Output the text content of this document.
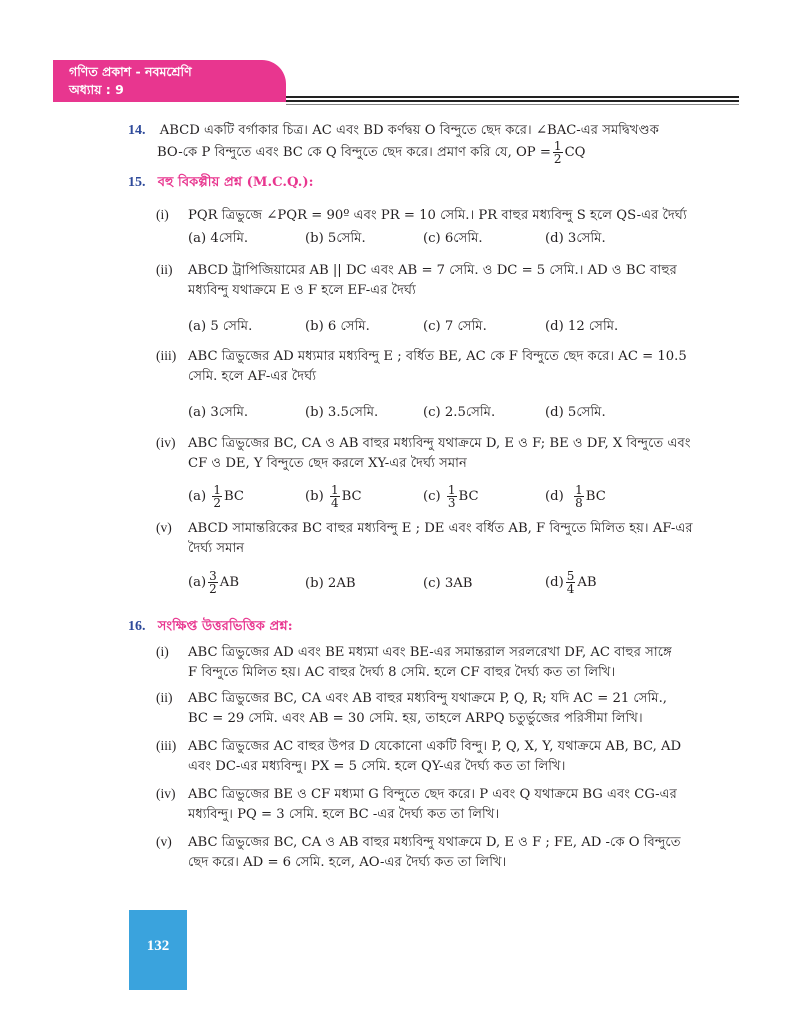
গণিত প্রকাশ - নবমশ্রেণি
অধ্যায় : 9
14. ABCD একটি বর্গাকার চিত্র। AC এবং BD কর্ণদ্বয় O বিন্দুতে ছেদ করে। ∠BAC-এর সমদ্বিখণ্ডক
BO-কে P বিন্দুতে এবং BC কে Q বিন্দুতে ছেদ করে। প্রমাণ করি যে, OP = $\frac{1}{2}$ CQ
15. বহু বিকল্পীয় প্রশ্ন (M.C.Q.):
(i) PQR ত্রিভুজে ∠PQR = 90º এবং PR = 10 সেমি.। PR বাহুর মধ্যবিন্দু S হলে QS-এর দৈর্ঘ্য
(a) 4সেমি.	(b) 5সেমি.	(c) 6সেমি.	(d) 3সেমি.
(ii) ABCD ট্রাপিজিয়ামের AB || DC এবং AB = 7 সেমি. ও DC = 5 সেমি.। AD ও BC বাহুর
মধ্যবিন্দু যথাক্রমে E ও F হলে EF-এর দৈর্ঘ্য
(a) 5 সেমি.	(b) 6 সেমি.	(c) 7 সেমি.	(d) 12 সেমি.
(iii) ABC ত্রিভুজের AD মধ্যমার মধ্যবিন্দু E ; বর্ধিত BE, AC কে F বিন্দুতে ছেদ করে। AC = 10.5
সেমি. হলে AF-এর দৈর্ঘ্য
(a) 3সেমি.	(b) 3.5সেমি.	(c) 2.5সেমি.	(d) 5সেমি.
(iv) ABC ত্রিভুজের BC, CA ও AB বাহুর মধ্যবিন্দু যথাক্রমে D, E ও F; BE ও DF, X বিন্দুতে এবং
CF ও DE, Y বিন্দুতে ছেদ করলে XY-এর দৈর্ঘ্য সমান
$(a) \frac{1}{2}$ BC	$(b) \frac{1}{4}$ BC	$(c) \frac{1}{3}$ BC	$(d) \frac{1}{8}$ BC
(v) ABCD সামান্তরিকের BC বাহুর মধ্যবিন্দু E ; DE এবং বর্ধিত AB, F বিন্দুতে মিলিত হয়। AF-এর
দৈর্ঘ্য সমান
$(a) \frac{3}{2}$ AB	(b) 2AB	(c) 3AB	$(d) \frac{5}{4}$ AB
16. সংক্ষিপ্ত উত্তরভিত্তিক প্রশ্ন:
(i) ABC ত্রিভুজের AD এবং BE মধ্যমা এবং BE-এর সমান্তরাল সরলরেখা DF, AC বাহুর সাঙ্গে
F বিন্দুতে মিলিত হয়। AC বাহুর দৈর্ঘ্য 8 সেমি. হলে CF বাহুর দৈর্ঘ্য কত তা লিখি।
(ii) ABC ত্রিভুজের BC, CA এবং AB বাহুর মধ্যবিন্দু যথাক্রমে P, Q, R; যদি AC = 21 সেমি.,
BC = 29 সেমি. এবং AB = 30 সেমি. হয়, তাহলে ARPQ চতুর্ভুজের পরিসীমা লিখি।
(iii) ABC ত্রিভুজের AC বাহুর উপর D যেকোনো একটি বিন্দু। P, Q, X, Y, যথাক্রমে AB, BC, AD
এবং DC-এর মধ্যবিন্দু। PX = 5 সেমি. হলে QY-এর দৈর্ঘ্য কত তা লিখি।
(iv) ABC ত্রিভুজের BE ও CF মধ্যমা G বিন্দুতে ছেদ করে। P এবং Q যথাক্রমে BG এবং CG-এর
মধ্যবিন্দু। PQ = 3 সেমি. হলে BC -এর দৈর্ঘ্য কত তা লিখি।
(v) ABC ত্রিভুজের BC, CA ও AB বাহুর মধ্যবিন্দু যথাক্রমে D, E ও F ; FE, AD -কে O বিন্দুতে
ছেদ করে। AD = 6 সেমি. হলে, AO-এর দৈর্ঘ্য কত তা লিখি।
132
